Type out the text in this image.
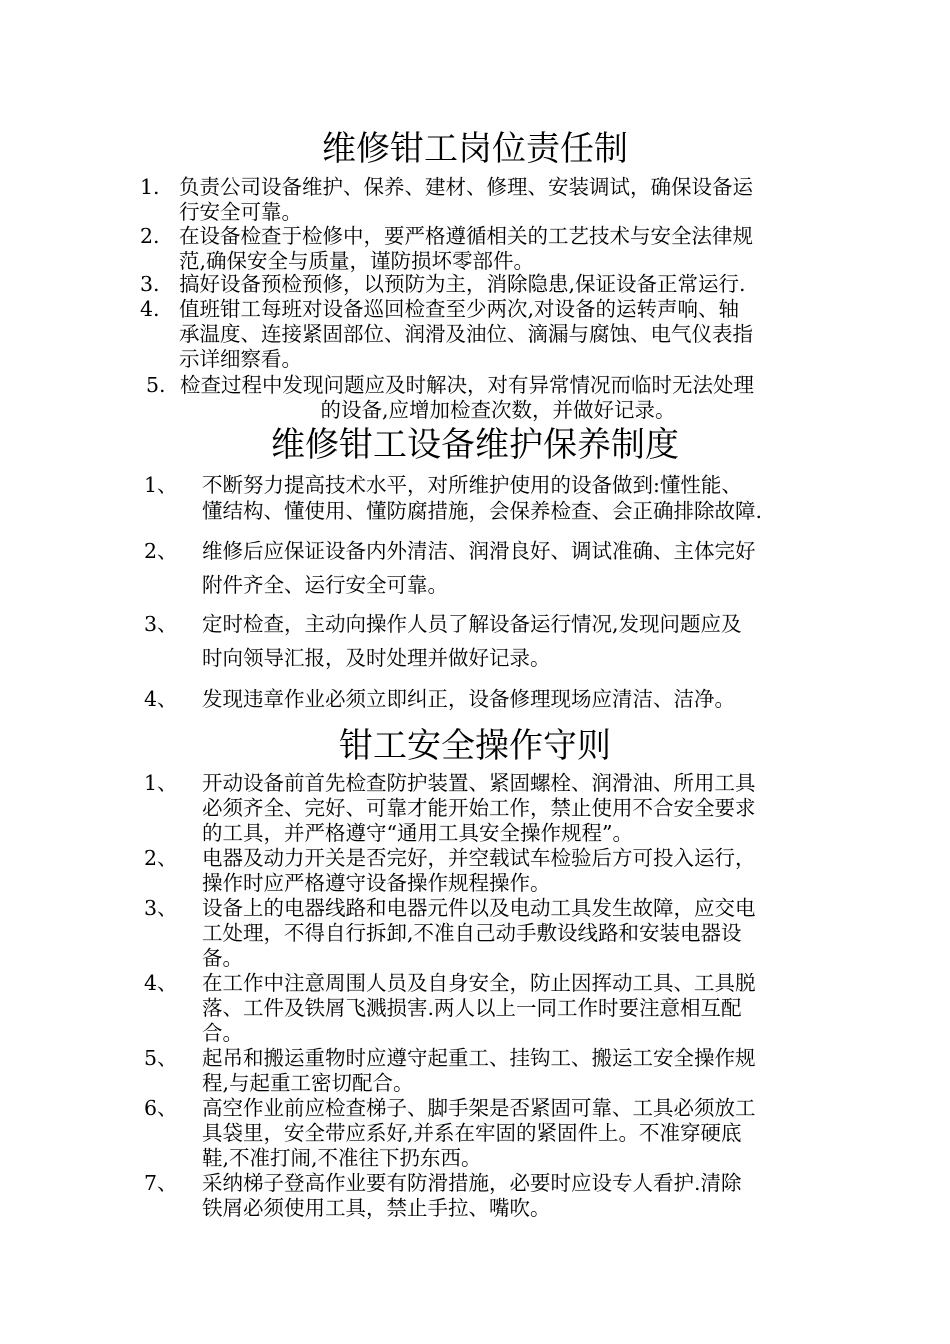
维修钳工岗位责任制
1. 负责公司设备维护、保养、建材、修理、安装调试，确保设备运
行安全可靠。
2. 在设备检查于检修中，要严格遵循相关的工艺技术与安全法律规
范,确保安全与质量，谨防损坏零部件。
3. 搞好设备预检预修，以预防为主，消除隐患,保证设备正常运行.
4. 值班钳工每班对设备巡回检查至少两次,对设备的运转声响、轴
承温度、连接紧固部位、润滑及油位、滴漏与腐蚀、电气仪表指
示详细察看。
5. 检查过程中发现问题应及时解决，对有异常情况而临时无法处理
的设备,应增加检查次数，并做好记录。
维修钳工设备维护保养制度
1、 不断努力提高技术水平，对所维护使用的设备做到:懂性能、
懂结构、懂使用、懂防腐措施，会保养检查、会正确排除故障.
2、 维修后应保证设备内外清洁、润滑良好、调试准确、主体完好
附件齐全、运行安全可靠。
3、 定时检查，主动向操作人员了解设备运行情况,发现问题应及
时向领导汇报，及时处理并做好记录。
4、 发现违章作业必须立即纠正，设备修理现场应清洁、洁净。
钳工安全操作守则
1、 开动设备前首先检查防护装置、紧固螺栓、润滑油、所用工具
必须齐全、完好、可靠才能开始工作，禁止使用不合安全要求
的工具，并严格遵守“通用工具安全操作规程”。
2、 电器及动力开关是否完好，并空载试车检验后方可投入运行，
操作时应严格遵守设备操作规程操作。
3、 设备上的电器线路和电器元件以及电动工具发生故障，应交电
工处理，不得自行拆卸,不准自己动手敷设线路和安装电器设
备。
4、 在工作中注意周围人员及自身安全，防止因挥动工具、工具脱
落、工件及铁屑飞溅损害.两人以上一同工作时要注意相互配
合。
5、 起吊和搬运重物时应遵守起重工、挂钩工、搬运工安全操作规
程,与起重工密切配合。
6、 高空作业前应检查梯子、脚手架是否紧固可靠、工具必须放工
具袋里，安全带应系好,并系在牢固的紧固件上。不准穿硬底
鞋,不准打闹,不准往下扔东西。
7、 采纳梯子登高作业要有防滑措施，必要时应设专人看护.清除
铁屑必须使用工具，禁止手拉、嘴吹。
